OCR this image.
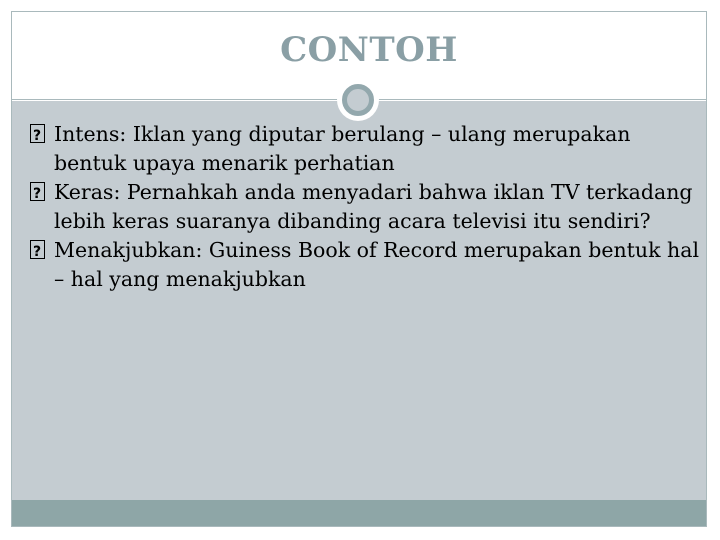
CONTOH
?
Intens: Iklan yang diputar berulang – ulang merupakan bentuk upaya menarik perhatian
?
Keras: Pernahkah anda menyadari bahwa iklan TV terkadang lebih keras suaranya dibanding acara televisi itu sendiri?
?
Menakjubkan: Guiness Book of Record merupakan bentuk hal – hal yang menakjubkan
